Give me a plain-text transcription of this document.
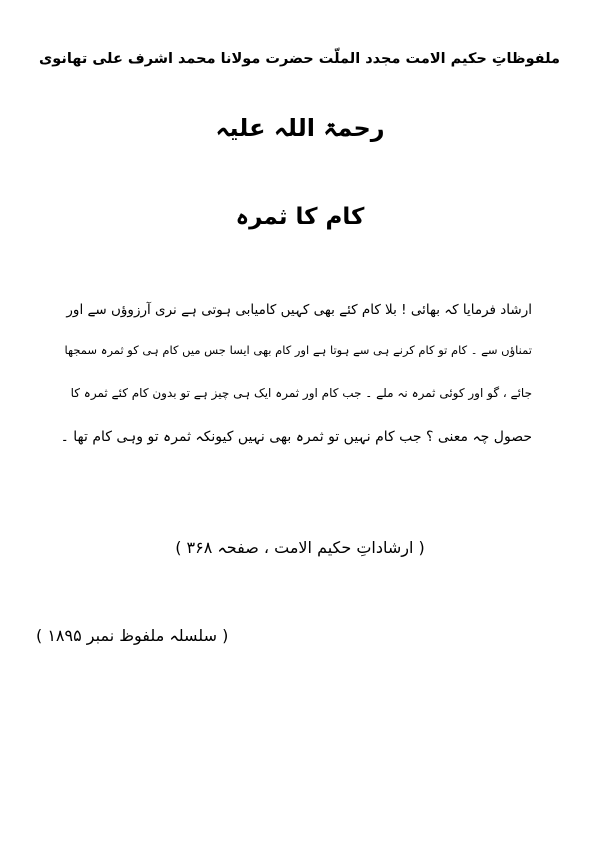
ملفوظاتِ حکیم الامت مجدد الملّت حضرت مولانا محمد اشرف علی تھانوی
رحمۃ اللہ علیہ
کام کا ثمرہ
ارشاد فرمایا کہ بھائی ! بلا کام کئے بھی کہیں کامیابی ہوتی ہے نری آرزوؤں سے اور
تمناؤں سے ۔ کام تو کام کرنے ہی سے ہوتا ہے اور کام بھی ایسا جس میں کام ہی کو ثمرہ سمجھا
جائے ، گو اور کوئی ثمرہ نہ ملے ۔ جب کام اور ثمرہ ایک ہی چیز ہے تو بدون کام کئے ثمرہ کا
حصول چہ معنی ؟ جب کام نہیں تو ثمرہ بھی نہیں کیونکہ ثمرہ تو وہی کام تھا ۔
( ارشاداتِ حکیم الامت ، صفحہ ۳۶۸ )
( سلسلہ ملفوظ نمبر ۱۸۹۵ )
